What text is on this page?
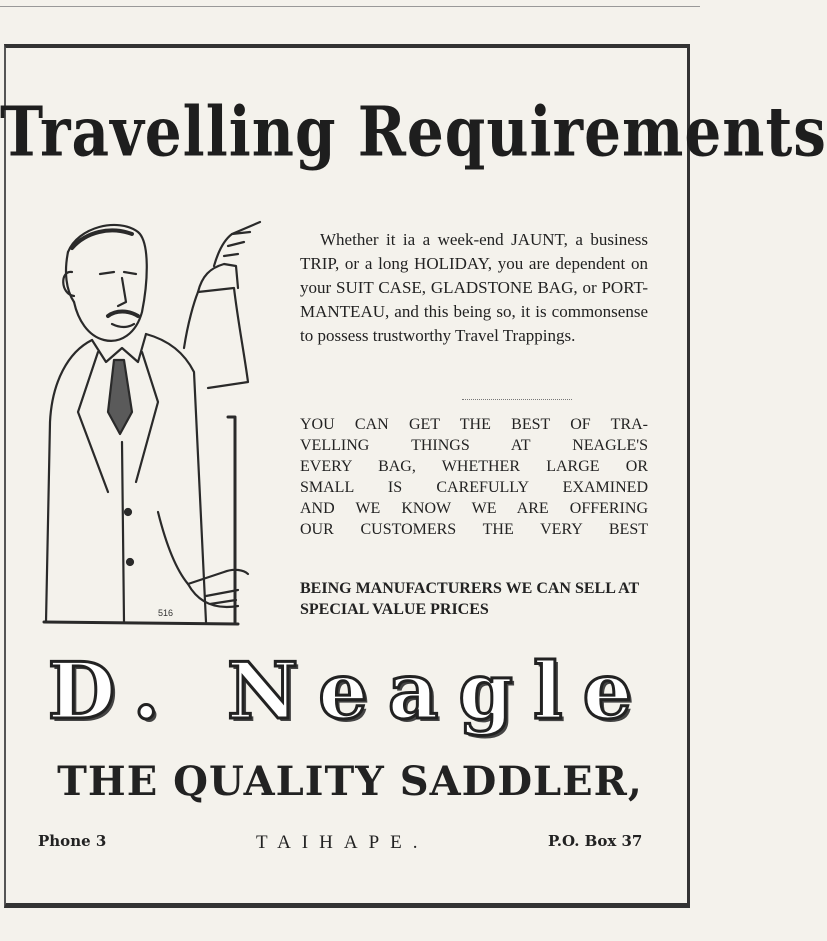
Travelling Requirements
516

Whether it ia a week-end JAUNT, a business TRIP, or a long HOLIDAY, you are dependent on your SUIT CASE, GLADSTONE BAG, or PORT-MANTEAU, and this being so, it is commonsense to possess trustworthy Travel Trappings.

YOU CAN GET THE BEST OF TRA-
VELLING THINGS AT NEAGLE'S
EVERY BAG, WHETHER LARGE OR
SMALL IS CAREFULLY EXAMINED
AND WE KNOW WE ARE OFFERING
OUR CUSTOMERS THE VERY BEST
BEING MANUFACTURERS WE CAN SELL AT SPECIAL VALUE PRICES
D. Neagle
THE QUALITY SADDLER,
Phone 3	TAIHAPE.	P.O. Box 37
